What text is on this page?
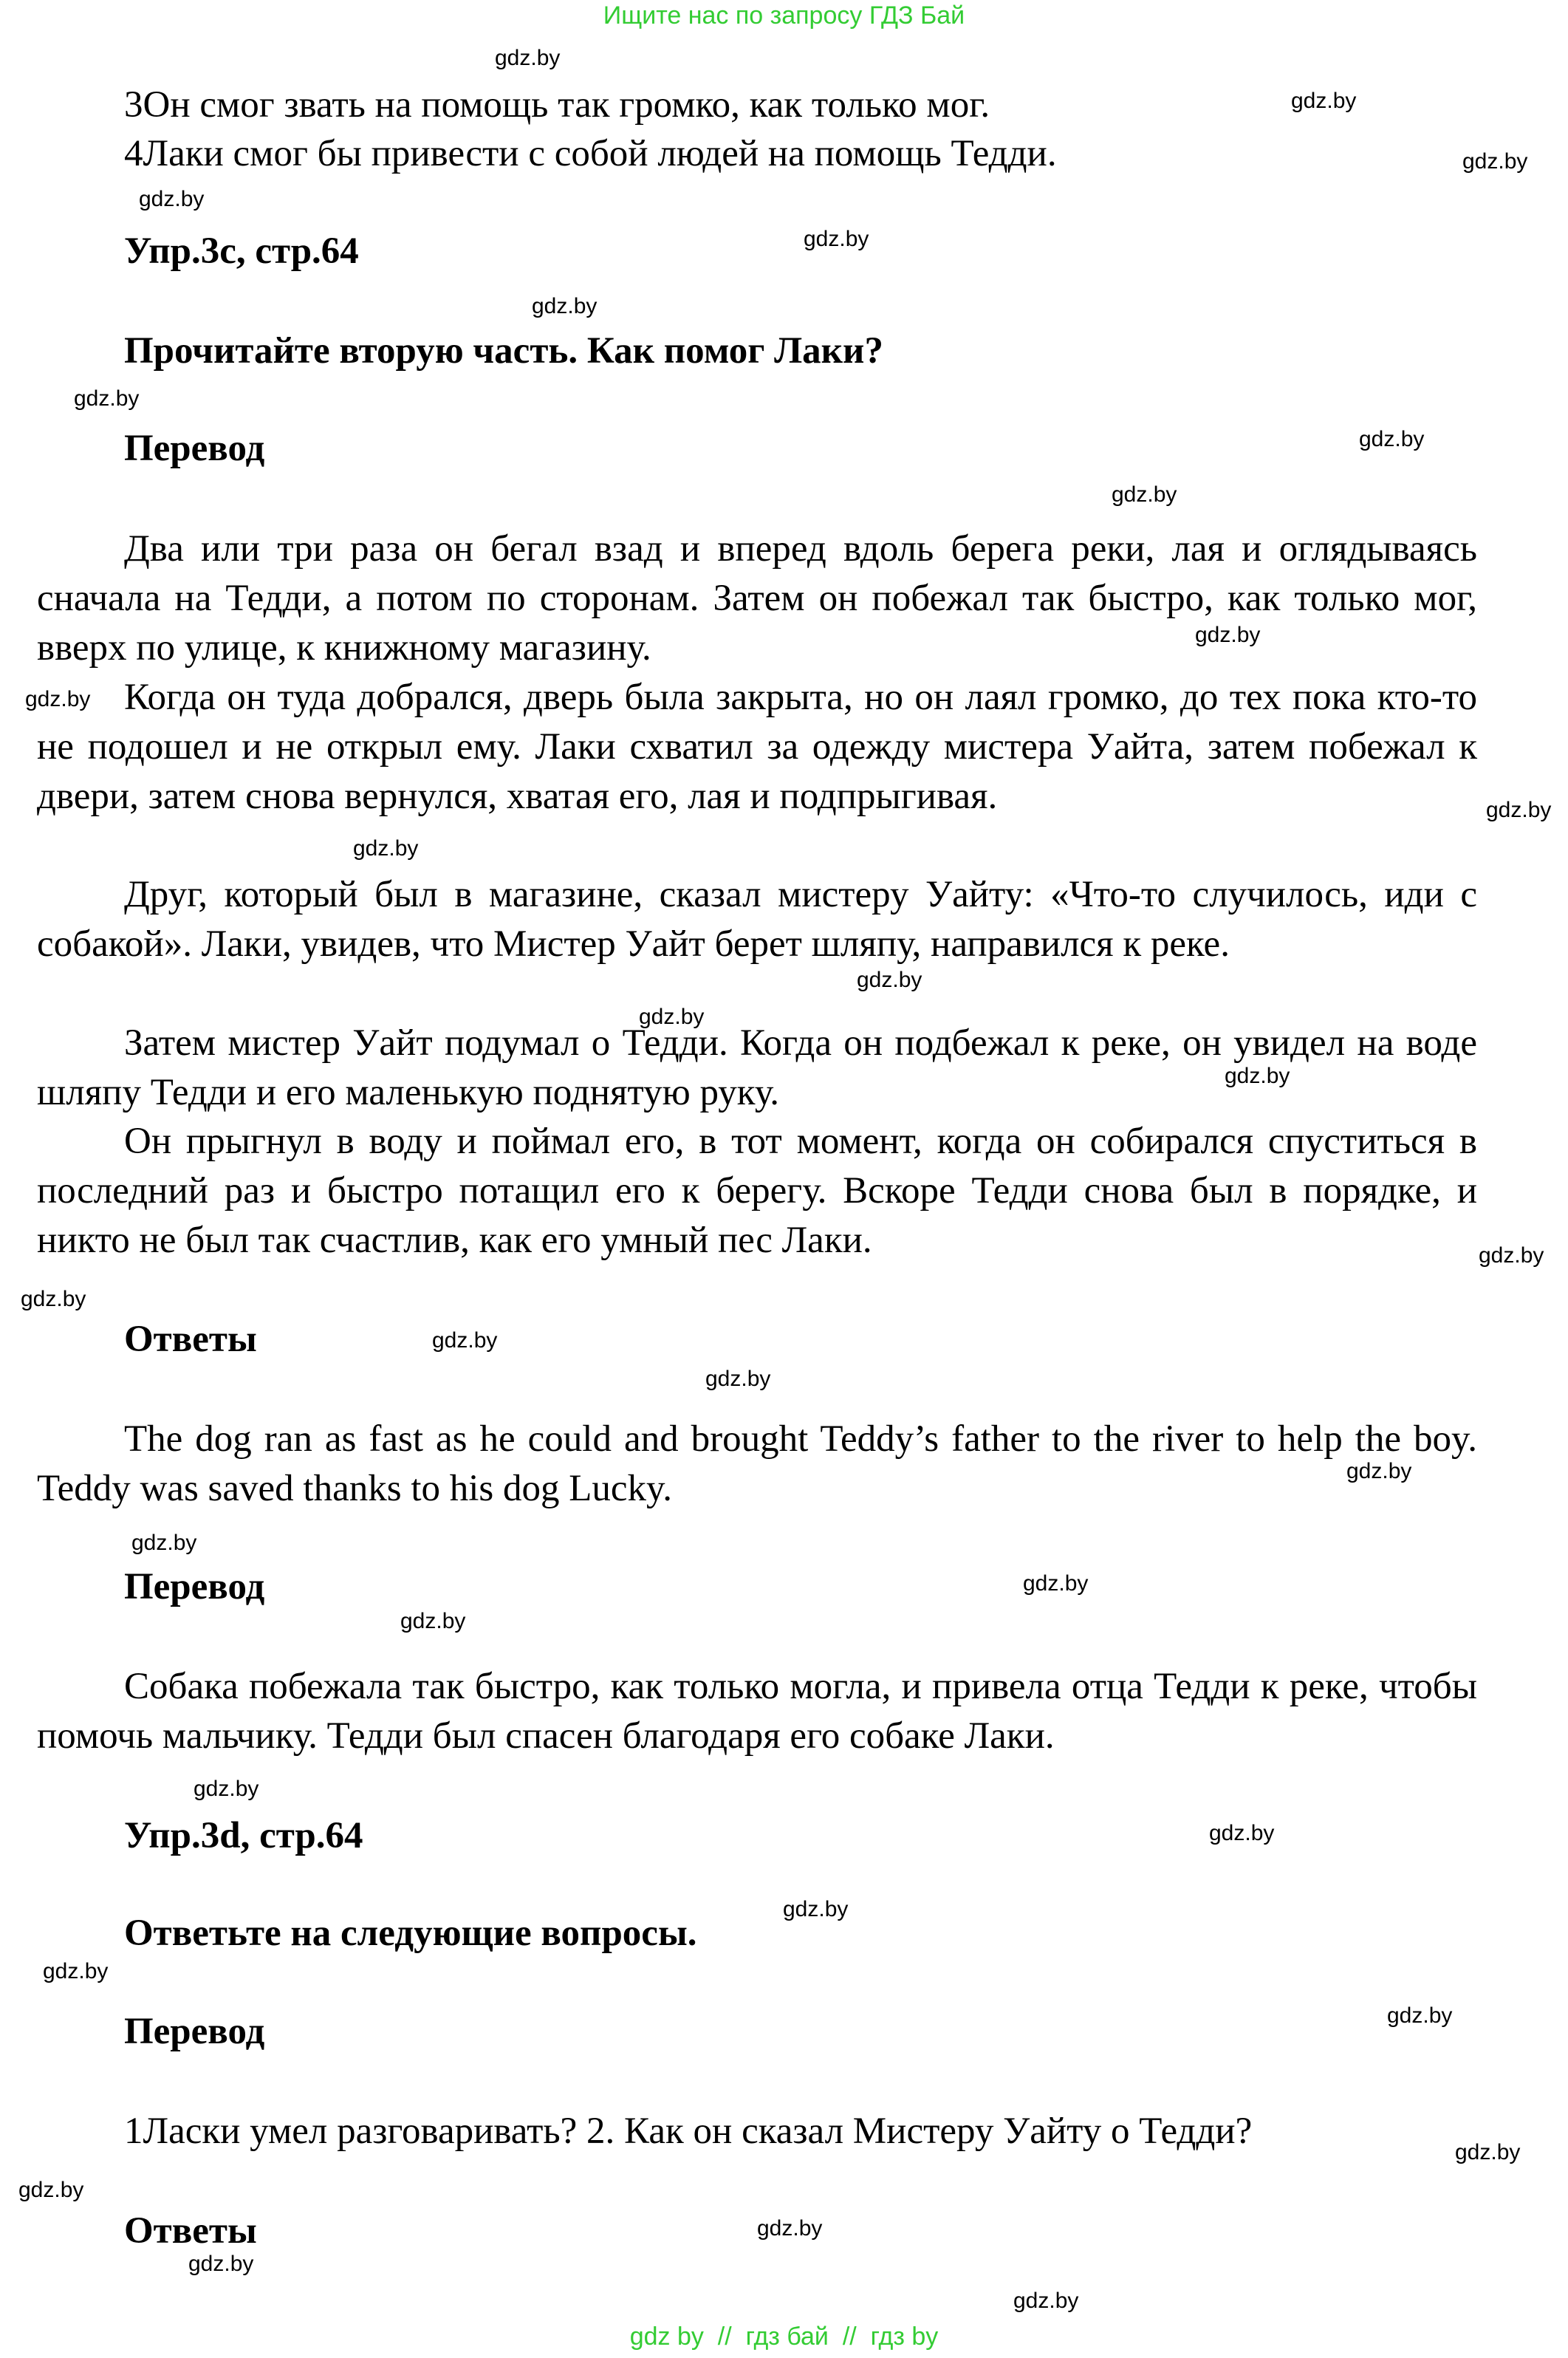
Ищите нас по запросу ГДЗ Бай
3Он смог звать на помощь так громко, как только мог.
4Лаки смог бы привести с собой людей на помощь Тедди.
Упр.3c, стр.64
Прочитайте вторую часть. Как помог Лаки?
Перевод
Два или три раза он бегал взад и вперед вдоль берега реки, лая и оглядываясь сначала на Тедди, а потом по сторонам. Затем он побежал так быстро, как только мог, вверх по улице, к книжному магазину.
Когда он туда добрался, дверь была закрыта, но он лаял громко, до тех пока кто-то не подошел и не открыл ему. Лаки схватил за одежду мистера Уайта, затем побежал к двери, затем снова вернулся, хватая его, лая и подпрыгивая.
Друг, который был в магазине, сказал мистеру Уайту: «Что-то случилось, иди с собакой». Лаки, увидев, что Мистер Уайт берет шляпу, направился к реке.
Затем мистер Уайт подумал о Тедди. Когда он подбежал к реке, он увидел на воде шляпу Тедди и его маленькую поднятую руку.
Он прыгнул в воду и поймал его, в тот момент, когда он собирался спуститься в последний раз и быстро потащил его к берегу. Вскоре Тедди снова был в порядке, и никто не был так счастлив, как его умный пес Лаки.
Ответы
The dog ran as fast as he could and brought Teddy’s father to the river to help the boy. Teddy was saved thanks to his dog Lucky.
Перевод
Собака побежала так быстро, как только могла, и привела отца Тедди к реке, чтобы помочь мальчику. Тедди был спасен благодаря его собаке Лаки.
Упр.3d, стр.64
Ответьте на следующие вопросы.
Перевод
1Ласки умел разговаривать? 2. Как он сказал Мистеру Уайту о Тедди?
Ответы
gdz.by
gdz.by
gdz.by
gdz.by
gdz.by
gdz.by
gdz.by
gdz.by
gdz.by
gdz.by
gdz.by
gdz.by
gdz.by
gdz.by
gdz.by
gdz.by
gdz.by
gdz.by
gdz.by
gdz.by
gdz.by
gdz.by
gdz.by
gdz.by
gdz.by
gdz.by
gdz.by
gdz.by
gdz.by
gdz.by
gdz.by
gdz.by
gdz.by
gdz.by
gdz by  //  гдз бай  //  гдз by
